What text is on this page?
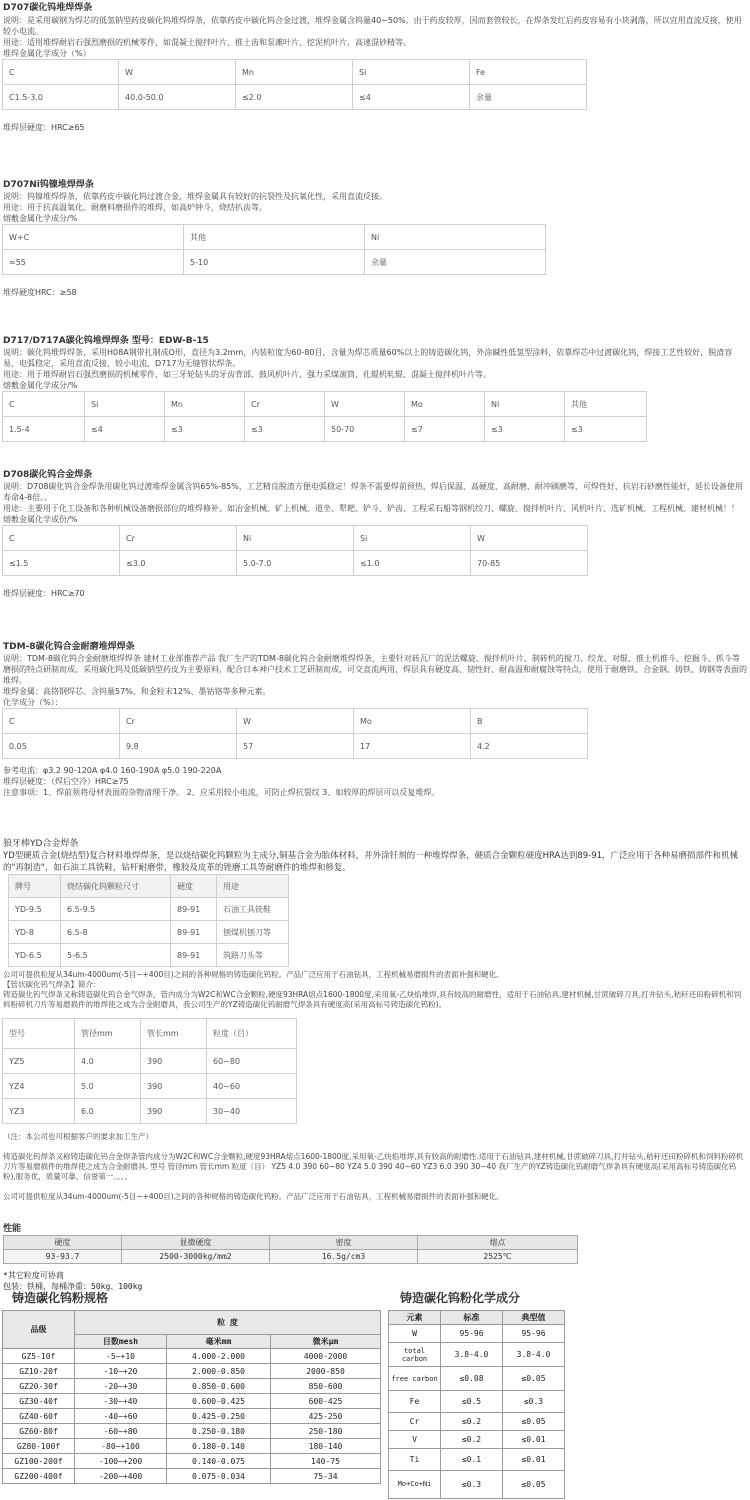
D707碳化钨堆焊焊条

说明：是采用碳钢为焊芯的低氢钠型药皮碳化钨堆焊焊条，依靠药皮中碳化钨合金过渡，堆焊金属含钨量40~50%。由于药皮较厚，因而套管较长，在焊条发红后药皮容易有小块剥落，所以宜用直流反接，使用较小电流。

用途：适用堆焊耐岩石强烈磨损的机械零件，如混凝土搅拌叶片、推土齿和泵滩叶片、挖泥机叶片，高速混砂精等。

堆焊金属化学成分（%）

C	W	Mn	Si	Fe
C1.5-3.0	40.0-50.0	≤2.0	≤4	余量

堆焊层硬度：HRC≥65

D707Ni钨镍堆焊焊条

说明：钨镍堆焊焊条，依靠药皮中碳化钨过渡合金，堆焊金属具有较好的抗裂性及抗氧化性，采用直流反接。

用途：用于抗高温氧化、耐磨料磨损件的堆焊，如高炉钟斗，烧结扒齿等。

熔敷金属化学成分/%

W+C	其他	Ni
≈55	5-10	余量

堆焊硬度HRC：≥58

D717/D717A碳化钨堆焊焊条 型号：EDW-B-15

说明：碳化钨堆焊焊条，采用H08A钢带扎制成O形，直径为3.2mm，内装粒度为60-80目，含量为焊芯质量60%以上的铸造碳化钨，外涂碱性低氢型涂料，依靠焊芯中过渡碳化钨，焊接工艺性较好，脱渣容易，电弧稳定，采用直流反接，较小电流，D717为无缝管状焊条。

用途：用于堆焊耐岩石强烈磨损的机械零件，如三牙轮钻头的牙齿背部、鼓风机叶片、强力采煤滚筒、扎辊机轧辊、混凝土搅拌机叶片等。

熔敷金属化学成分/%

C	Si	Mn	Cr	W	Mo	Ni	其他
1.5-4	≤4	≤3	≤3	50-70	≤7	≤3	≤3

D708碳化钨合金焊条

说明：D708碳化钨合金焊条用碳化钨过渡堆焊金属含钨65%-85%，工艺精良脱渣方便电弧稳定！焊条不需要焊前预热，焊后保温、高硬度、高耐磨、耐冲刷磨等、可焊性好、抗岩石砂磨性能好，延长设备使用寿命4-8倍。。

用途：主要用于化工设备和各种机械设备磨损部位的堆焊修补。如冶金机械、矿上机械、道坐、犁耙、铲斗、铲齿、工程采石船等钢机绞刀、螺旋、搅拌机叶片、风机叶片、选矿机械、工程机械、建材机械！！

熔敷金属化学成份/%

C	Cr	Ni	Si	W
≤1.5	≤3.0	5.0-7.0	≤1.0	70-85

堆焊层硬度：HRC≥70

TDM-8碳化钨合金耐磨堆焊焊条

说明：TDM-8碳化钨合金耐磨堆焊焊条 建材工业部推荐产品 我厂生产的TDM-8碳化钨合金耐磨堆焊焊条，主要针对砖瓦厂的泥活螺旋、搅拌机叶片、制砖机的搅刀、绞龙、对辊、推土机推斗、挖掘斗、抓斗等磨损的特点研制而成。采用碳化钨及低碳钠型药皮为主要原料，配合日本神户技术工艺研制而成，可交直流两用，焊层具有硬度高、韧性好、耐高温和耐腐蚀等特点，使用于耐磨铁、合金钢、铸铁、铸钢等表面的堆焊。

堆焊金属：高铬钢焊芯、含钨量57%、和金粒末12%、墨钴铬等多种元素。

化学成分（%）：

C	Cr	W	Mo	B
0.05	9.8	57	17	4.2

参考电流：φ3.2 90-120A φ4.0 160-190A φ5.0 190-220A

堆焊层硬度：（焊后空冷）HRC≥75

注意事项：1、焊前须将母材表面的杂物清理干净。 2、应采用较小电流，可防止焊抗裂纹 3、如较厚的焊层可以反复堆焊。

狼牙棒YD合金焊条

YD型硬质合金(烧结型)复合材料堆焊焊条，是以烧结碳化钨颗粒为主成分,铜基合金为胎体材料，并外涂钎剂的一种堆焊焊条，硬质合金颗粒硬度HRA达到89-91，广泛应用于各种易磨损部件和机械的"再制造"，如石油工具铣鞋，钻杆耐磨带，橡胶及皮革的锉磨工具等耐磨件的堆焊和修复。

牌号	烧结碳化钨颗粒尺寸	硬度	用途
YD-9.5	6.5-9.5	89-91	石油工具铣鞋
YD-8	6.5-8	89-91	刨煤机刨刀等
YD-6.5	5-6.5	89-91	筑路刀头等

公司可提供粒度从34um-4000um(-5目~+400目)之间的各种规格的铸造碳化钨粒。产品广泛应用于石油钻具，工程机械易磨损件的表面补强和硬化。

【管状碳化钨气焊条】简介：

铸造碳化钨气焊条又称铸造碳化钨合金气焊条，管内成分为W2C和WC合金颗粒,硬度93HRA熔点1600-1800度,采用氧-乙炔焰堆焊,具有较高的耐磨性，适用于石油钻具,建材机械,甘蔗破碎刀具,打井钻头,秸秆还田粉碎机和饲料粉碎机刀片等易磨损件的堆焊使之成为合金耐磨具，我公司生产的YZ铸造碳化钨耐磨气焊条具有硬度高(采用高标号铸造碳化钨粉)。

型号	管径mm	管长mm	粒度（目）
YZ5	4.0	390	60~80
YZ4	5.0	390	40~60
YZ3	6.0	390	30~40

（注：本公司也可根据客户的要求加工生产）

铸造碳化钨焊条又称铸造碳化钨合金焊条管内成分为W2C和WC合金颗粒,硬度93HRA熔点1600-1800度,采用氧-乙炔焰堆焊,具有较高的耐磨性.适用于石油钻具,建材机械,甘蔗破碎刀具,打井钻头,秸秆还田粉碎机和饲料粉碎机刀片等易磨损件的堆焊使之成为合金耐磨具. 型号 管径mm 管长mm 粒度（目） YZ5 4.0 390 60~80 YZ4 5.0 390 40~60 YZ3 6.0 390 30~40 我厂生产的YZ铸造碳化钨耐磨气焊条具有硬度高(采用高标号铸造碳化钨粉),服务优，质量可靠，信誉第一。。。。

公司可提供粒度从34um-4000um(-5目~+400目)之间的各种规格的铸造碳化钨粉。产品广泛应用于石油钻具，工程机械易磨损件的表面补强和硬化。

性能

硬度	显微硬度	密度	熔点
93-93.7	2500-3000kg/mm2	16.5g/cm3	2525℃

*其它粒度可协商

包装：铁桶，每桶净重：50kg、100kg

铸造碳化钨粉规格

品级	粒 度		
	目数mesh	毫米mm	微米μm
GZ5-10f	-5~+10	4.000-2.000	4000-2000
GZ10-20f	-10~+20	2.000-0.850	2000-850
GZ20-30f	-20~+30	0.850-0.600	850-600
GZ30-40f	-30~+40	0.600-0.425	600-425
GZ40-60f	-40~+60	0.425-0.250	425-250
GZ60-80f	-60~+80	0.250-0.180	250-180
GZ80-100f	-80~+100	0.180-0.140	180-140
GZ100-200f	-100~+200	0.140-0.075	140-75
GZ200-400f	-200~+400	0.075-0.034	75-34

铸造碳化钨粉化学成分

元素	标准	典型值
W	95-96	95-96
total carbon	3.8-4.0	3.8-4.0
free carbon	≤0.08	≤0.05
Fe	≤0.5	≤0.3
Cr	≤0.2	≤0.05
V	≤0.2	≤0.01
Ti	≤0.1	≤0.01
Mo+Co+Ni	≤0.3	≤0.05
